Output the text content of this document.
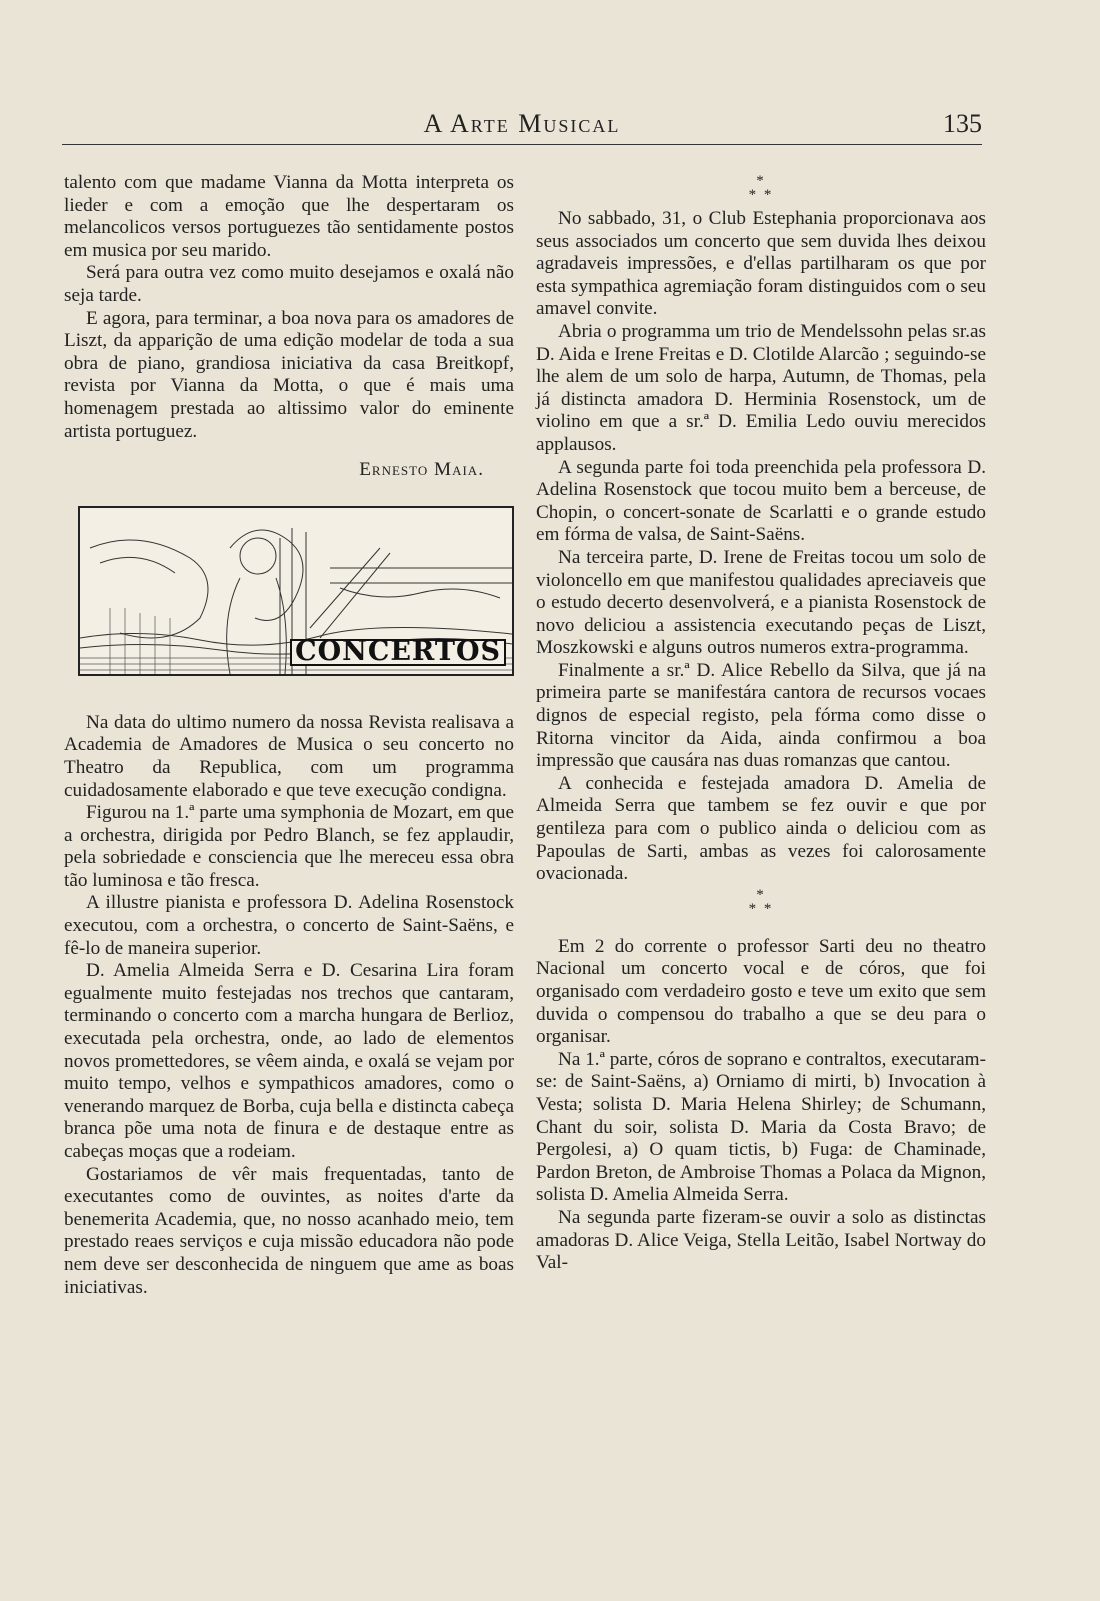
A Arte Musical	135

talento com que madame Vianna da Motta interpreta os lieder e com a emoção que lhe despertaram os melancolicos versos portuguezes tão sentidamente postos em musica por seu marido.

Será para outra vez como muito desejamos e oxalá não seja tarde.

E agora, para terminar, a boa nova para os amadores de Liszt, da apparição de uma edição modelar de toda a sua obra de piano, grandiosa iniciativa da casa Breitkopf, revista por Vianna da Motta, o que é mais uma homenagem prestada ao altissimo valor do eminente artista portuguez.

Ernesto Maia.
CONCERTOS

Na data do ultimo numero da nossa Revista realisava a Academia de Amadores de Musica o seu concerto no Theatro da Republica, com um programma cuidadosamente elaborado e que teve execução condigna.

Figurou na 1.ª parte uma symphonia de Mozart, em que a orchestra, dirigida por Pedro Blanch, se fez applaudir, pela sobriedade e consciencia que lhe mereceu essa obra tão luminosa e tão fresca.

A illustre pianista e professora D. Adelina Rosenstock executou, com a orchestra, o concerto de Saint-Saëns, e fê-lo de maneira superior.

D. Amelia Almeida Serra e D. Cesarina Lira foram egualmente muito festejadas nos trechos que cantaram, terminando o concerto com a marcha hungara de Berlioz, executada pela orchestra, onde, ao lado de elementos novos promettedores, se vêem ainda, e oxalá se vejam por muito tempo, velhos e sympathicos amadores, como o venerando marquez de Borba, cuja bella e distincta cabeça branca põe uma nota de finura e de destaque entre as cabeças moças que a rodeiam.

Gostariamos de vêr mais frequentadas, tanto de executantes como de ouvintes, as noites d'arte da benemerita Academia, que, no nosso acanhado meio, tem prestado reaes serviços e cuja missão educadora não pode nem deve ser desconhecida de ninguem que ame as boas iniciativas.

*
* *

No sabbado, 31, o Club Estephania proporcionava aos seus associados um concerto que sem duvida lhes deixou agradaveis impressões, e d'ellas partilharam os que por esta sympathica agremiação foram distinguidos com o seu amavel convite.

Abria o programma um trio de Mendelssohn pelas sr.as D. Aida e Irene Freitas e D. Clotilde Alarcão ; seguindo-se lhe alem de um solo de harpa, Autumn, de Thomas, pela já distincta amadora D. Herminia Rosenstock, um de violino em que a sr.ª D. Emilia Ledo ouviu merecidos applausos.

A segunda parte foi toda preenchida pela professora D. Adelina Rosenstock que tocou muito bem a berceuse, de Chopin, o concert-sonate de Scarlatti e o grande estudo em fórma de valsa, de Saint-Saëns.

Na terceira parte, D. Irene de Freitas tocou um solo de violoncello em que manifestou qualidades apreciaveis que o estudo decerto desenvolverá, e a pianista Rosenstock de novo deliciou a assistencia executando peças de Liszt, Moszkowski e alguns outros numeros extra-programma.

Finalmente a sr.ª D. Alice Rebello da Silva, que já na primeira parte se manifestára cantora de recursos vocaes dignos de especial registo, pela fórma como disse o Ritorna vincitor da Aida, ainda confirmou a boa impressão que causára nas duas romanzas que cantou.

A conhecida e festejada amadora D. Amelia de Almeida Serra que tambem se fez ouvir e que por gentileza para com o publico ainda o deliciou com as Papoulas de Sarti, ambas as vezes foi calorosamente ovacionada.

*
* *

Em 2 do corrente o professor Sarti deu no theatro Nacional um concerto vocal e de córos, que foi organisado com verdadeiro gosto e teve um exito que sem duvida o compensou do trabalho a que se deu para o organisar.

Na 1.ª parte, córos de soprano e contraltos, executaram-se: de Saint-Saëns, a) Orniamo di mirti, b) Invocation à Vesta; solista D. Maria Helena Shirley; de Schumann, Chant du soir, solista D. Maria da Costa Bravo; de Pergolesi, a) O quam tictis, b) Fuga: de Chaminade, Pardon Breton, de Ambroise Thomas a Polaca da Mignon, solista D. Amelia Almeida Serra.

Na segunda parte fizeram-se ouvir a solo as distinctas amadoras D. Alice Veiga, Stella Leitão, Isabel Nortway do Val-
